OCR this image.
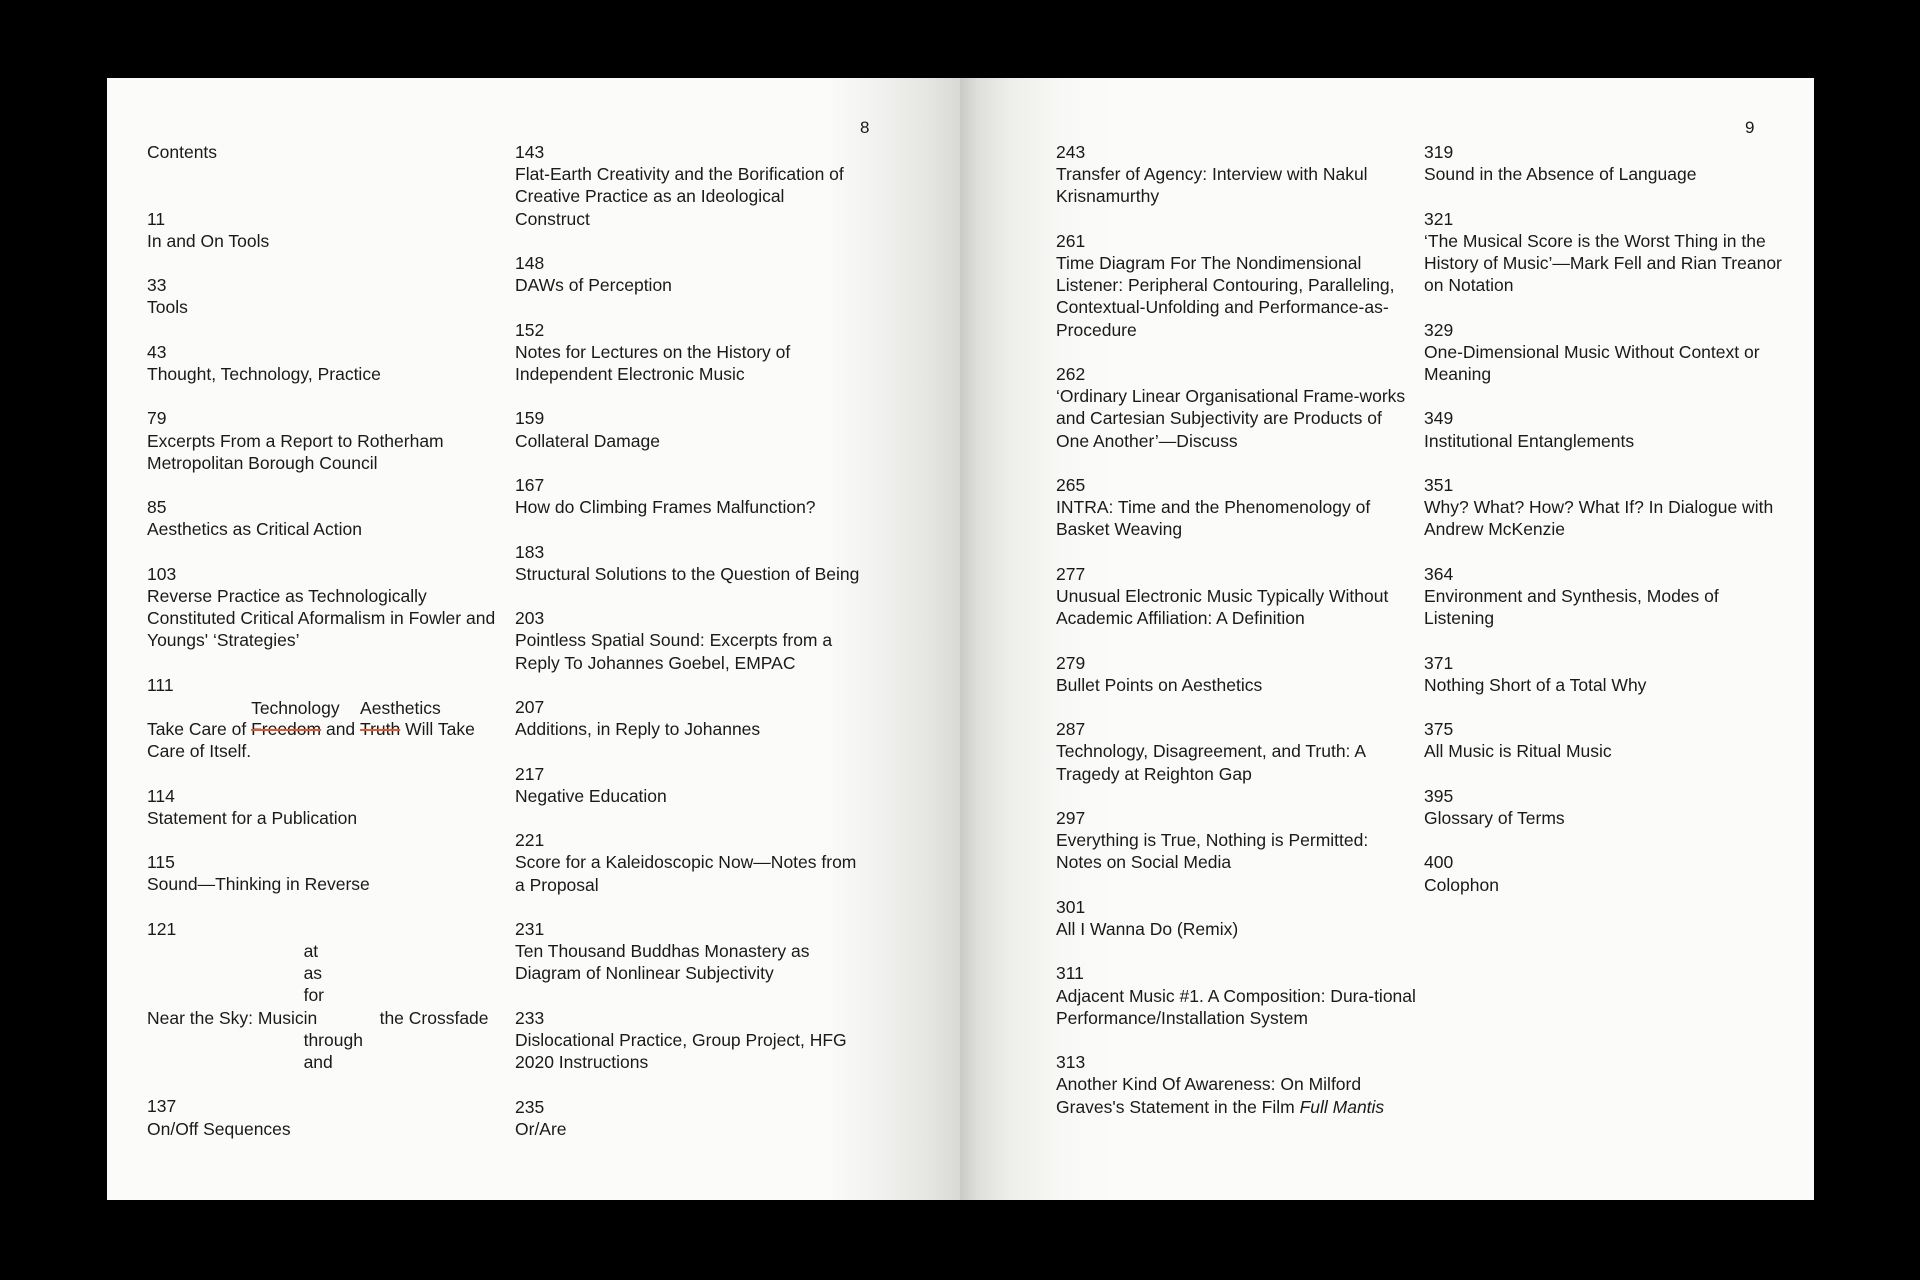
8
Contents
11
In and On Tools
33
Tools
43
Thought, Technology, Practice
79
Excerpts From a Report to Rotherham Metropolitan Borough Council
85
Aesthetics as Critical Action
103
Reverse Practice as Technologically Constituted Critical Aformalism in Fowler and Youngs' ‘Strategies’
111
Take Care of
Technology
Freedom and
Aesthetics
Truth Will Take Care of Itself.
114
Statement for a Publication
115
Sound—Thinking in Reverse
121
Near the Sky: Music
at
as
for
in
through
and
the Crossfade
137
On/Off Sequences
143
Flat-Earth Creativity and the Borification of Creative Practice as an Ideological Construct
148
DAWs of Perception
152
Notes for Lectures on the History of Independent Electronic Music
159
Collateral Damage
167
How do Climbing Frames Malfunction?
183
Structural Solutions to the Question of Being
203
Pointless Spatial Sound: Excerpts from a Reply To Johannes Goebel, EMPAC
207
Additions, in Reply to Johannes
217
Negative Education
221
Score for a Kaleidoscopic Now—Notes from a Proposal
231
Ten Thousand Buddhas Monastery as Diagram of Nonlinear Subjectivity
233
Dislocational Practice, Group Project, HFG 2020 Instructions
235
Or/Are
9
243
Transfer of Agency: Interview with Nakul Krisnamurthy
261
Time Diagram For The Nondimensional Listener: Peripheral Contouring, Paralleling, Contextual-Unfolding and Performance-as-Procedure
262
‘Ordinary Linear Organisational Frame-works and Cartesian Subjectivity are Products of One Another’—Discuss
265
INTRA: Time and the Phenomenology of Basket Weaving
277
Unusual Electronic Music Typically Without Academic Affiliation: A Definition
279
Bullet Points on Aesthetics
287
Technology, Disagreement, and Truth: A Tragedy at Reighton Gap
297
Everything is True, Nothing is Permitted: Notes on Social Media
301
All I Wanna Do (Remix)
311
Adjacent Music #1. A Composition: Dura-tional Performance/Installation System
313
Another Kind Of Awareness: On Milford Graves's Statement in the Film Full Mantis
319
Sound in the Absence of Language
321
‘The Musical Score is the Worst Thing in the History of Music’—Mark Fell and Rian Treanor on Notation
329
One-Dimensional Music Without Context or Meaning
349
Institutional Entanglements
351
Why? What? How? What If? In Dialogue with Andrew McKenzie
364
Environment and Synthesis, Modes of Listening
371
Nothing Short of a Total Why
375
All Music is Ritual Music
395
Glossary of Terms
400
Colophon
